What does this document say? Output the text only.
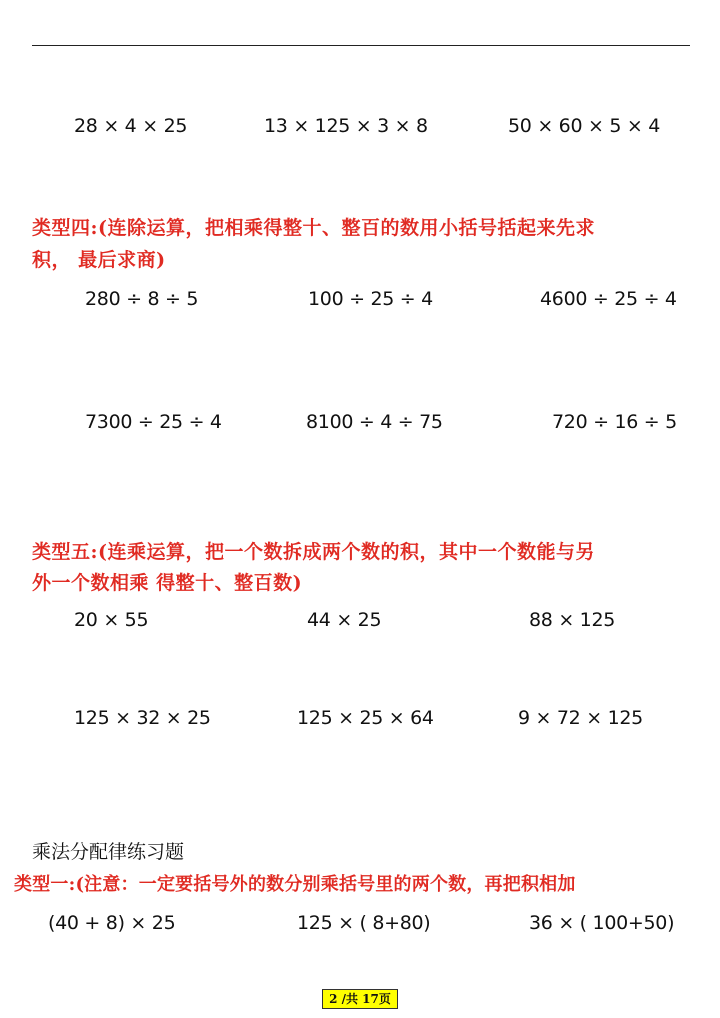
28 × 4 × 25	13 × 125 × 3 × 8	50 × 60 × 5 × 4
类型四:(连除运算，把相乘得整十、整百的数用小括号括起来先求
积， 最后求商)
280 ÷ 8 ÷ 5	100 ÷ 25 ÷ 4	4600 ÷ 25 ÷ 4
7300 ÷ 25 ÷ 4	8100 ÷ 4 ÷ 75	720 ÷ 16 ÷ 5
类型五:(连乘运算，把一个数拆成两个数的积，其中一个数能与另
外一个数相乘 得整十、整百数)
20 × 55	44 × 25	88 × 125
125 × 32 × 25	125 × 25 × 64	9 × 72 × 125
乘法分配律练习题
类型一:(注意：一定要括号外的数分别乘括号里的两个数，再把积相加
(40 + 8) × 25	125 × ( 8+80)	36 × ( 100+50)
2 /共 17页
